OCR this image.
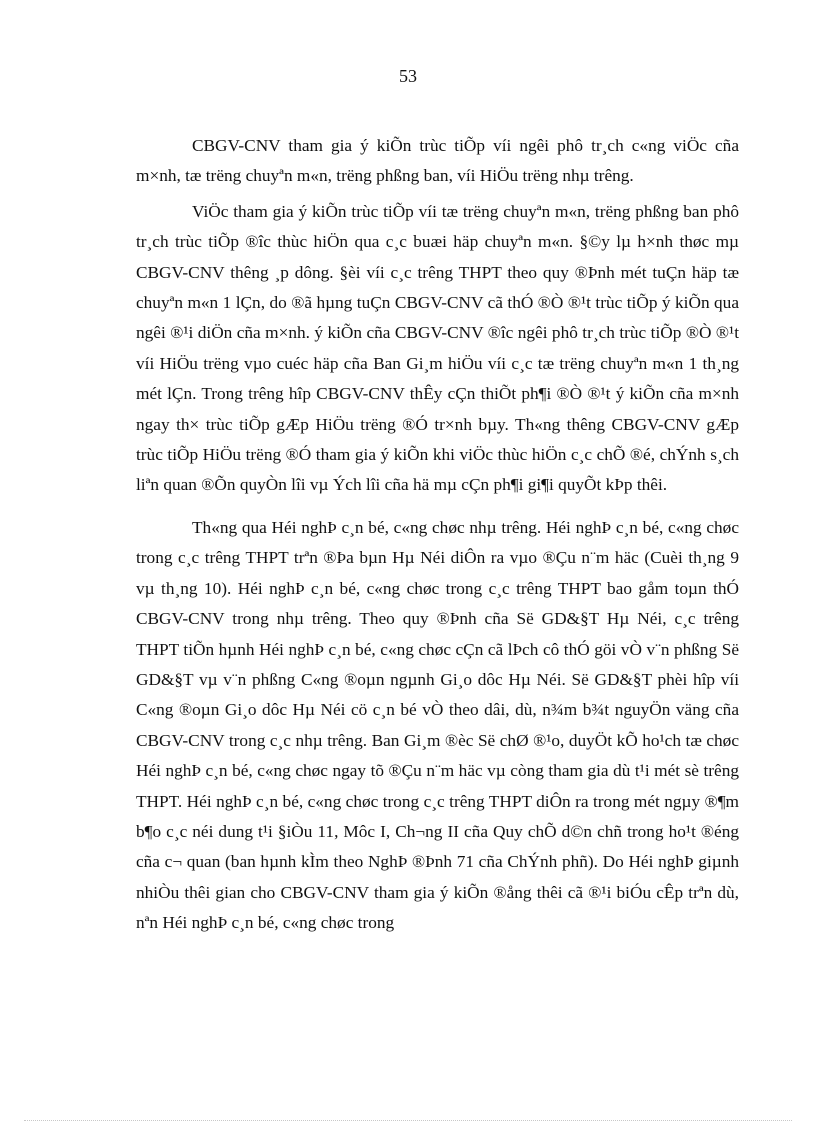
53

CBGV-CNV tham gia ý kiÕn trùc tiÕp víi ngêi phô tr¸ch c«ng viÖc cña m×nh, tæ trëng chuyªn m«n, trëng phßng ban, víi HiÖu trëng nhµ trêng.

ViÖc tham gia ý kiÕn trùc tiÕp víi tæ trëng chuyªn m«n, trëng phßng ban phô tr¸ch trùc tiÕp ®îc thùc hiÖn qua c¸c buæi häp chuyªn m«n. §©y lµ h×nh thøc mµ CBGV-CNV thêng ¸p dông. §èi víi c¸c trêng THPT theo quy ®Þnh mét tuÇn häp tæ chuyªn m«n 1 lÇn, do ®ã hµng tuÇn CBGV-CNV cã thÓ ®Ò ®¹t trùc tiÕp ý kiÕn qua ngêi ®¹i diÖn cña m×nh. ý kiÕn cña CBGV-CNV ®îc ngêi phô tr¸ch trùc tiÕp ®Ò ®¹t víi HiÖu trëng vµo cuéc häp cña Ban Gi¸m hiÖu víi c¸c tæ trëng chuyªn m«n 1 th¸ng mét lÇn. Trong trêng hîp CBGV-CNV thÊy cÇn thiÕt ph¶i ®Ò ®¹t ý kiÕn cña m×nh ngay th× trùc tiÕp gÆp HiÖu trëng ®Ó tr×nh bµy. Th«ng thêng CBGV-CNV gÆp trùc tiÕp HiÖu trëng ®Ó tham gia ý kiÕn khi viÖc thùc hiÖn c¸c chÕ ®é, chÝnh s¸ch liªn quan ®Õn quyÒn lîi vµ Ých lîi cña hä mµ cÇn ph¶i gi¶i quyÕt kÞp thêi.

Th«ng qua Héi nghÞ c¸n bé, c«ng chøc nhµ trêng. Héi nghÞ c¸n bé, c«ng chøc trong c¸c trêng THPT trªn ®Þa bµn Hµ Néi diÔn ra vµo ®Çu n¨m häc (Cuèi th¸ng 9 vµ th¸ng 10). Héi nghÞ c¸n bé, c«ng chøc trong c¸c trêng THPT bao gåm toµn thÓ CBGV-CNV trong nhµ trêng. Theo quy ®Þnh cña Së GD&§T Hµ Néi, c¸c trêng THPT tiÕn hµnh Héi nghÞ c¸n bé, c«ng chøc cÇn cã lÞch cô thÓ göi vÒ v¨n phßng Së GD&§T vµ v¨n phßng C«ng ®oµn ngµnh Gi¸o dôc Hµ Néi. Së GD&§T phèi hîp víi C«ng ®oµn Gi¸o dôc Hµ Néi cö c¸n bé vÒ theo dâi, dù, n¾m b¾t nguyÖn väng cña CBGV-CNV trong c¸c nhµ trêng. Ban Gi¸m ®èc Së chØ ®¹o, duyÖt kÕ ho¹ch tæ chøc Héi nghÞ c¸n bé, c«ng chøc ngay tõ ®Çu n¨m häc vµ còng tham gia dù t¹i mét sè trêng THPT. Héi nghÞ c¸n bé, c«ng chøc trong c¸c trêng THPT diÔn ra trong mét ngµy ®¶m b¶o c¸c néi dung t¹i §iÒu 11, Môc I, Ch¬ng II cña Quy chÕ d©n chñ trong ho¹t ®éng cña c¬ quan (ban hµnh kÌm theo NghÞ ®Þnh 71 cña ChÝnh phñ). Do Héi nghÞ giµnh nhiÒu thêi gian cho CBGV-CNV tham gia ý kiÕn ®ång thêi cã ®¹i biÓu cÊp trªn dù, nªn Héi nghÞ c¸n bé, c«ng chøc trong
